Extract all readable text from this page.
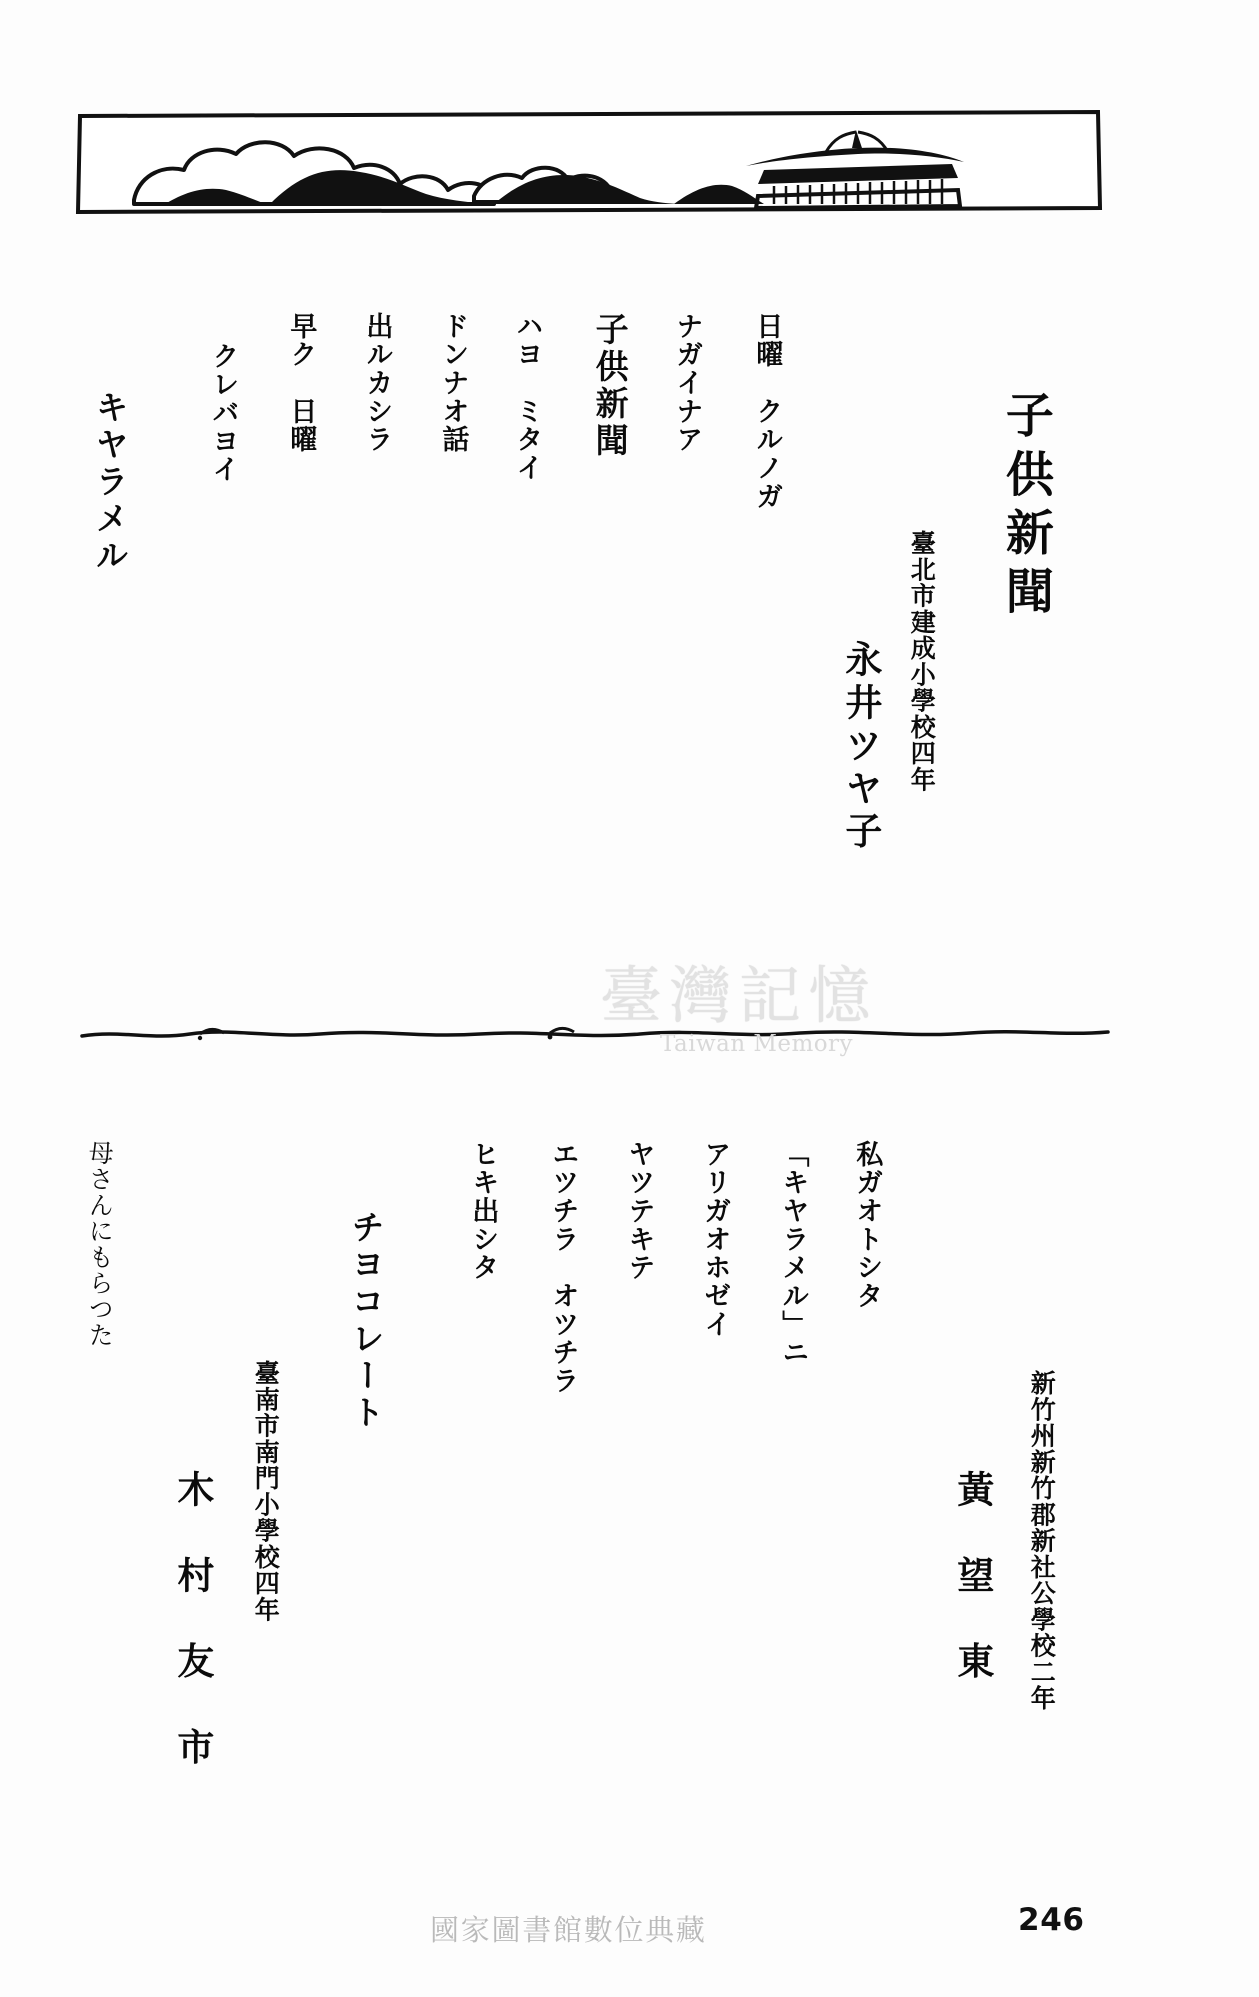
子供新聞
臺北市建成小學校四年
永井ツヤ子
子供新聞	日曜　クルノガ
ナガイナア
ハヨ　ミタイ
ドンナオ話
出ルカシラ
早ク　日曜
クレバヨイ
キヤラメル
臺灣記憶
Taiwan Memory
新竹州新竹郡新社公學校二年
黃　望　東
私ガオトシタ
「キヤラメル」ニ
アリガオホゼイ
ヤツテキテ
エツチラ　オツチラ
ヒキ出シタ
チヨコレート
臺南市南門小學校四年
木　村　友　市
母さんにもらつた
國家圖書館數位典藏	246
